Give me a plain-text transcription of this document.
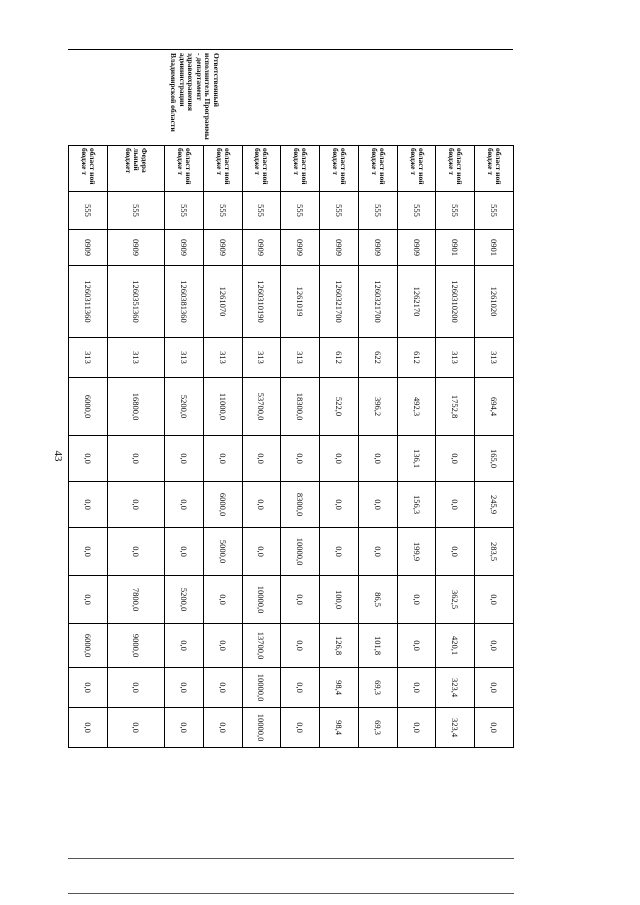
43
	област ной бюдже т	555	0901	1261020	313	694,4	165,0	245,9	283,5	0,0	0,0	0,0	0,0	
	област ной бюдже т	555	0901	1260310200	313	1752,8	0,0	0,0	0,0	362,5	420,1	323,4	323,4	
	област ной бюдже т	555	0909	1262170	612	492,3	136,1	156,3	199,9	0,0	0,0	0,0	0,0	
	област ной бюдже т	555	0909	1260321700	622	396,2	0,0	0,0	0,0	86,5	101,8	69,3	69,3	
	област ной бюдже т	555	0909	1260321700	612	522,0	0,0	0,0	0,0	100,0	126,8	98,4	98,4	
Ответственный исполнитель Программы - департамент здравоохранения администрации Владимирской области	област ной бюдже т	555	0909	1261019	313	18300,0	0,0	8300,0	10000,0	0,0	0,0	0,0	0,0	
	област ной бюдже т	555	0909	1260310190	313	53700,0	0,0	0,0	0,0	10000,0	13700,0	10000,0	10000,0	
	област ной бюдже т	555	0909	1261070	313	11000,0	0,0	6000,0	5000,0	0,0	0,0	0,0	0,0	
	област ной бюдже т	555	0909	1260381360	313	5200,0	0,0	0,0	0,0	5200,0	0,0	0,0	0,0	
	Федера льный бюджет	555	0909	1260351360	313	16800,0	0,0	0,0	0,0	7800,0	9000,0	0,0	0,0	
	област ной бюдже т	555	0909	1260311360	313	6000,0	0,0	0,0	0,0	0,0	6000,0	0,0	0,0	
